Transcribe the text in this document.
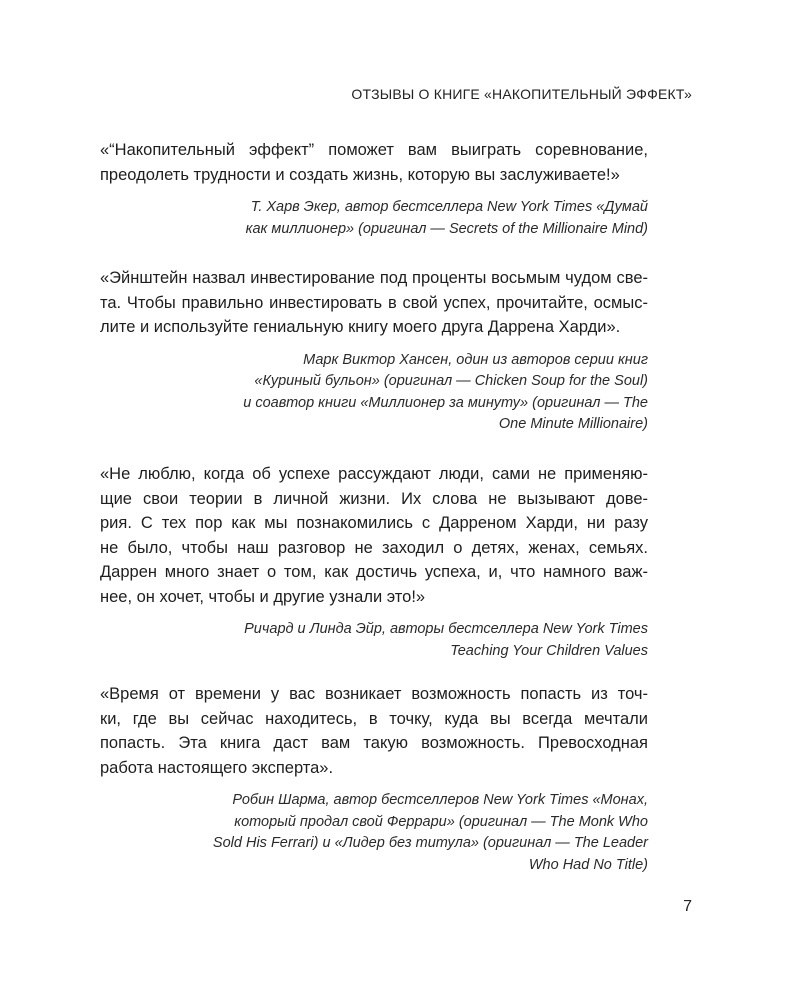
ОТЗЫВЫ О КНИГЕ «НАКОПИТЕЛЬНЫЙ ЭФФЕКТ»

«“Накопительный эффект” поможет вам выиграть соревнование,
преодолеть трудности и создать жизнь, которую вы заслуживаете!»

Т. Харв Экер, автор бестселлера New York Times «Думай
как миллионер» (оригинал — Secrets of the Millionaire Mind)

«Эйнштейн назвал инвестирование под проценты восьмым чудом све-
та. Чтобы правильно инвестировать в свой успех, прочитайте, осмыс-
лите и используйте гениальную книгу моего друга Даррена Харди».

Марк Виктор Хансен, один из авторов серии книг
«Куриный бульон» (оригинал — Chicken Soup for the Soul)
и соавтор книги «Миллионер за минуту» (оригинал — The
One Minute Millionaire)

«Не люблю, когда об успехе рассуждают люди, сами не применяю-
щие свои теории в личной жизни. Их слова не вызывают дове-
рия. С тех пор как мы познакомились с Дарреном Харди, ни разу
не было, чтобы наш разговор не заходил о детях, женах, семьях.
Даррен много знает о том, как достичь успеха, и, что намного важ-
нее, он хочет, чтобы и другие узнали это!»

Ричард и Линда Эйр, авторы бестселлера New York Times
Teaching Your Children Values

«Время от времени у вас возникает возможность попасть из точ-
ки, где вы сейчас находитесь, в точку, куда вы всегда мечтали
попасть. Эта книга даст вам такую возможность. Превосходная
работа настоящего эксперта».

Робин Шарма, автор бестселлеров New York Times «Монах,
который продал свой Феррари» (оригинал — The Monk Who
Sold His Ferrari) и «Лидер без титула» (оригинал — The Leader
Who Had No Title)

7
